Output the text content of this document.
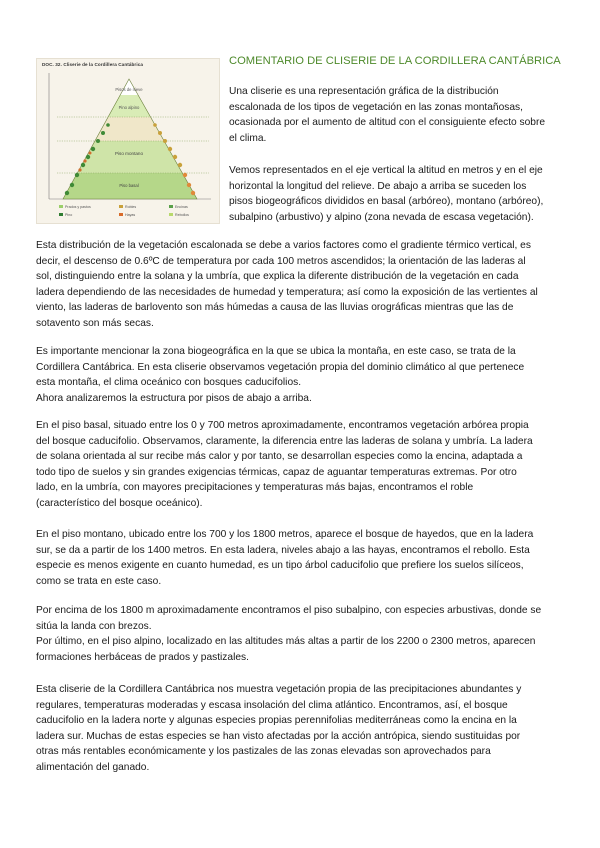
DOC. 32. Cliserie de la Cordillera Cantábrica
Pisos de nieve
Pino alpino
Piso montano
Piso basal
Prados y pastos
Pino
Robles
Hayas
Encinas
Rebollos
COMENTARIO DE CLISERIE DE LA CORDILLERA CANTÁBRICA
Una cliserie es una representación gráfica de la distribución
escalonada de los tipos de vegetación en las zonas montañosas,
ocasionada por el aumento de altitud con el consiguiente efecto sobre
el clima.
Vemos representados en el eje vertical la altitud en metros y en el eje
horizontal la longitud del relieve. De abajo a arriba se suceden los
pisos biogeográficos divididos en basal (arbóreo), montano (arbóreo),
subalpino (arbustivo) y alpino (zona nevada de escasa vegetación).
Esta distribución de la vegetación escalonada se debe a varios factores como el gradiente térmico vertical, es
decir, el descenso de 0.6ºC de temperatura por cada 100 metros ascendidos; la orientación de las laderas al
sol, distinguiendo entre la solana y la umbría, que explica la diferente distribución de la vegetación en cada
ladera dependiendo de las necesidades de humedad y temperatura; así como la exposición de las vertientes al
viento, las laderas de barlovento son más húmedas a causa de las lluvias orográficas mientras que las de
sotavento son más secas.
Es importante mencionar la zona biogeográfica en la que se ubica la montaña, en este caso, se trata de la
Cordillera Cantábrica. En esta cliserie observamos vegetación propia del dominio climático al que pertenece
esta montaña, el clima oceánico con bosques caducifolios.
Ahora analizaremos la estructura por pisos de abajo a arriba.
En el piso basal, situado entre los 0 y 700 metros aproximadamente, encontramos vegetación arbórea propia
del bosque caducifolio. Observamos, claramente, la diferencia entre las laderas de solana y umbría. La ladera
de solana orientada al sur recibe más calor y por tanto, se desarrollan especies como la encina, adaptada a
todo tipo de suelos y sin grandes exigencias térmicas, capaz de aguantar temperaturas extremas. Por otro
lado, en la umbría, con mayores precipitaciones y temperaturas más bajas, encontramos el roble
(característico del bosque oceánico).
En el piso montano, ubicado entre los 700 y los 1800 metros, aparece el bosque de hayedos, que en la ladera
sur, se da a partir de los 1400 metros. En esta ladera, niveles abajo a las hayas, encontramos el rebollo. Esta
especie es menos exigente en cuanto humedad, es un tipo árbol caducifolio que prefiere los suelos silíceos,
como se trata en este caso.
Por encima de los 1800 m aproximadamente encontramos el piso subalpino, con especies arbustivas, donde se
sitúa la landa con brezos.
Por último, en el piso alpino, localizado en las altitudes más altas a partir de los 2200 o 2300 metros, aparecen
formaciones herbáceas de prados y pastizales.
Esta cliserie de la Cordillera Cantábrica nos muestra vegetación propia de las precipitaciones abundantes y
regulares, temperaturas moderadas y escasa insolación del clima atlántico. Encontramos, así, el bosque
caducifolio en la ladera norte y algunas especies propias perennifolias mediterráneas como la encina en la
ladera sur. Muchas de estas especies se han visto afectadas por la acción antrópica, siendo sustituidas por
otras más rentables económicamente y los pastizales de las zonas elevadas son aprovechados para
alimentación del ganado.
